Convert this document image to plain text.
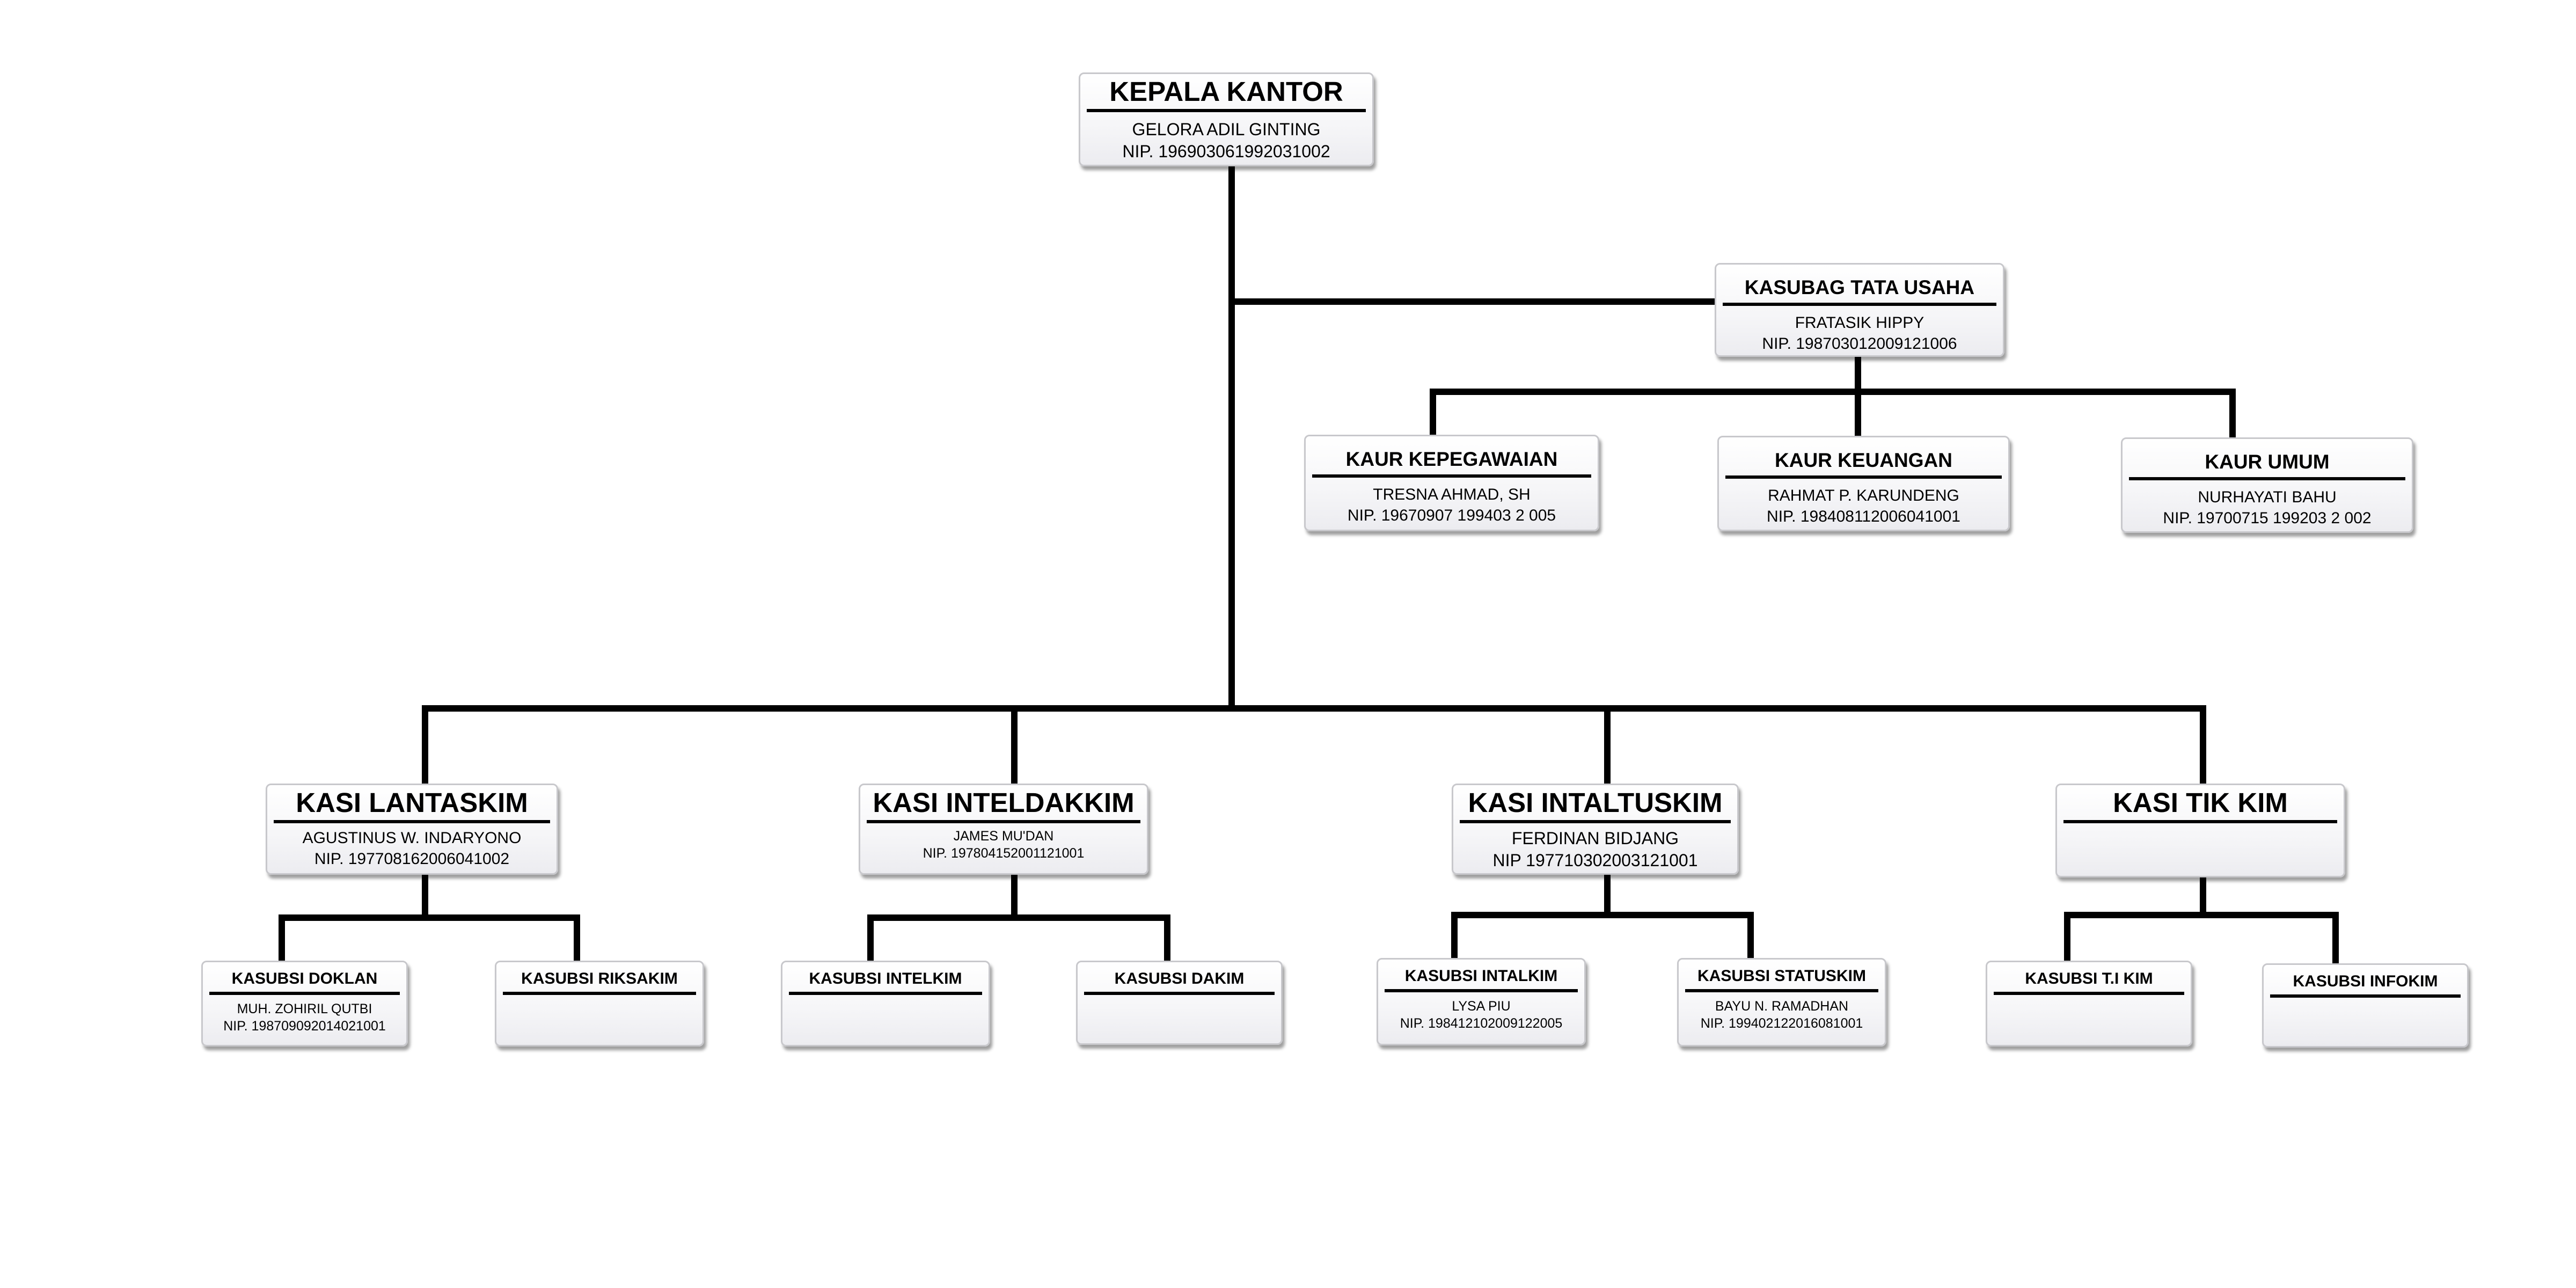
KEPALA KANTOR
GELORA ADIL GINTING
NIP. 196903061992031002
KASUBAG TATA USAHA
FRATASIK HIPPY
NIP. 198703012009121006
KAUR KEPEGAWAIAN
TRESNA AHMAD, SH
NIP. 19670907 199403 2 005
KAUR KEUANGAN
RAHMAT P. KARUNDENG
NIP. 198408112006041001
KAUR UMUM
NURHAYATI BAHU
NIP. 19700715 199203 2 002
KASI LANTASKIM
AGUSTINUS W. INDARYONO
NIP. 197708162006041002
KASI INTELDAKKIM
JAMES MU'DAN
NIP. 197804152001121001
KASI INTALTUSKIM
FERDINAN BIDJANG
NIP 197710302003121001
KASI TIK KIM

KASUBSI DOKLAN
MUH. ZOHIRIL QUTBI
NIP. 198709092014021001
KASUBSI RIKSAKIM

	KASUBSI INTELKIM

	KASUBSI DAKIM

	KASUBSI INTALKIM
LYSA PIU
NIP. 198412102009122005
KASUBSI STATUSKIM
BAYU N. RAMADHAN
NIP. 199402122016081001
KASUBSI T.I KIM

	KASUBSI INFOKIM
